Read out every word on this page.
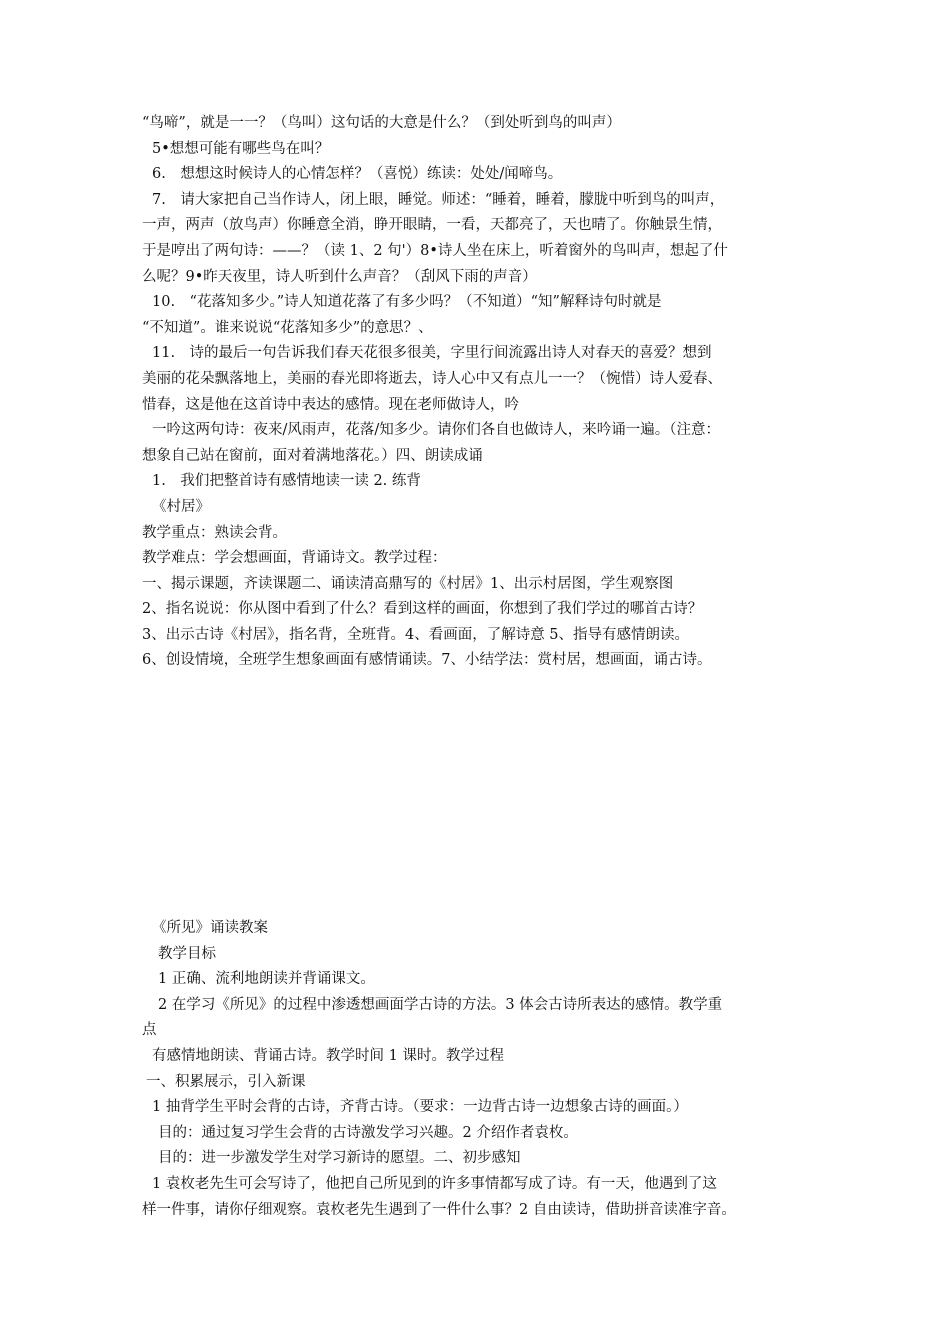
“鸟啼”，就是一一？（鸟叫）这句话的大意是什么？（到处听到鸟的叫声）
5•想想可能有哪些鸟在叫？
6.　想想这时候诗人的心情怎样？（喜悦）练读：处处/闻啼鸟。
7.　请大家把自己当作诗人，闭上眼，睡觉。师述：“睡着，睡着，朦胧中听到鸟的叫声，
一声，两声（放鸟声）你睡意全消，睁开眼睛，一看，天都亮了，天也晴了。你触景生情，
于是哼出了两句诗：——？（读 1、2 句'）8•诗人坐在床上，听着窗外的鸟叫声，想起了什
么呢？9•昨天夜里，诗人听到什么声音？（刮风下雨的声音）
10.　“花落知多少。”诗人知道花落了有多少吗？（不知道）“知”解释诗句时就是
“不知道”。谁来说说“花落知多少”的意思？、
11.　诗的最后一句告诉我们春天花很多很美，字里行间流露出诗人对春天的喜爱？想到
美丽的花朵飘落地上，美丽的春光即将逝去，诗人心中又有点儿一一？（惋惜）诗人爱春、
惜春，这是他在这首诗中表达的感情。现在老师做诗人，吟
一吟这两句诗：夜来/风雨声，花落/知多少。请你们各自也做诗人，来吟诵一遍。（注意：
想象自己站在窗前，面对着满地落花。）四、朗读成诵
1.　我们把整首诗有感情地读一读 2. 练背
《村居》
教学重点：熟读会背。
教学难点：学会想画面，背诵诗文。教学过程：
一、揭示课题，齐读课题二、诵读清高鼎写的《村居》1、出示村居图，学生观察图
2、指名说说：你从图中看到了什么？看到这样的画面，你想到了我们学过的哪首古诗？
3、出示古诗《村居》，指名背，全班背。4、看画面，了解诗意 5、指导有感情朗读。
6、创设情境，全班学生想象画面有感情诵读。7、小结学法：赏村居，想画面，诵古诗。
《所见》诵读教案
教学目标
1 正确、流利地朗读并背诵课文。
2 在学习《所见》的过程中渗透想画面学古诗的方法。3 体会古诗所表达的感情。教学重
点
有感情地朗读、背诵古诗。教学时间 1 课时。教学过程
一、积累展示，引入新课
1 抽背学生平时会背的古诗，齐背古诗。（要求：一边背古诗一边想象古诗的画面。）
目的：通过复习学生会背的古诗激发学习兴趣。2 介绍作者袁枚。
目的：进一步激发学生对学习新诗的愿望。二、初步感知
1 袁枚老先生可会写诗了，他把自己所见到的许多事情都写成了诗。有一天，他遇到了这
样一件事，请你仔细观察。袁枚老先生遇到了一件什么事？2 自由读诗，借助拼音读准字音。
